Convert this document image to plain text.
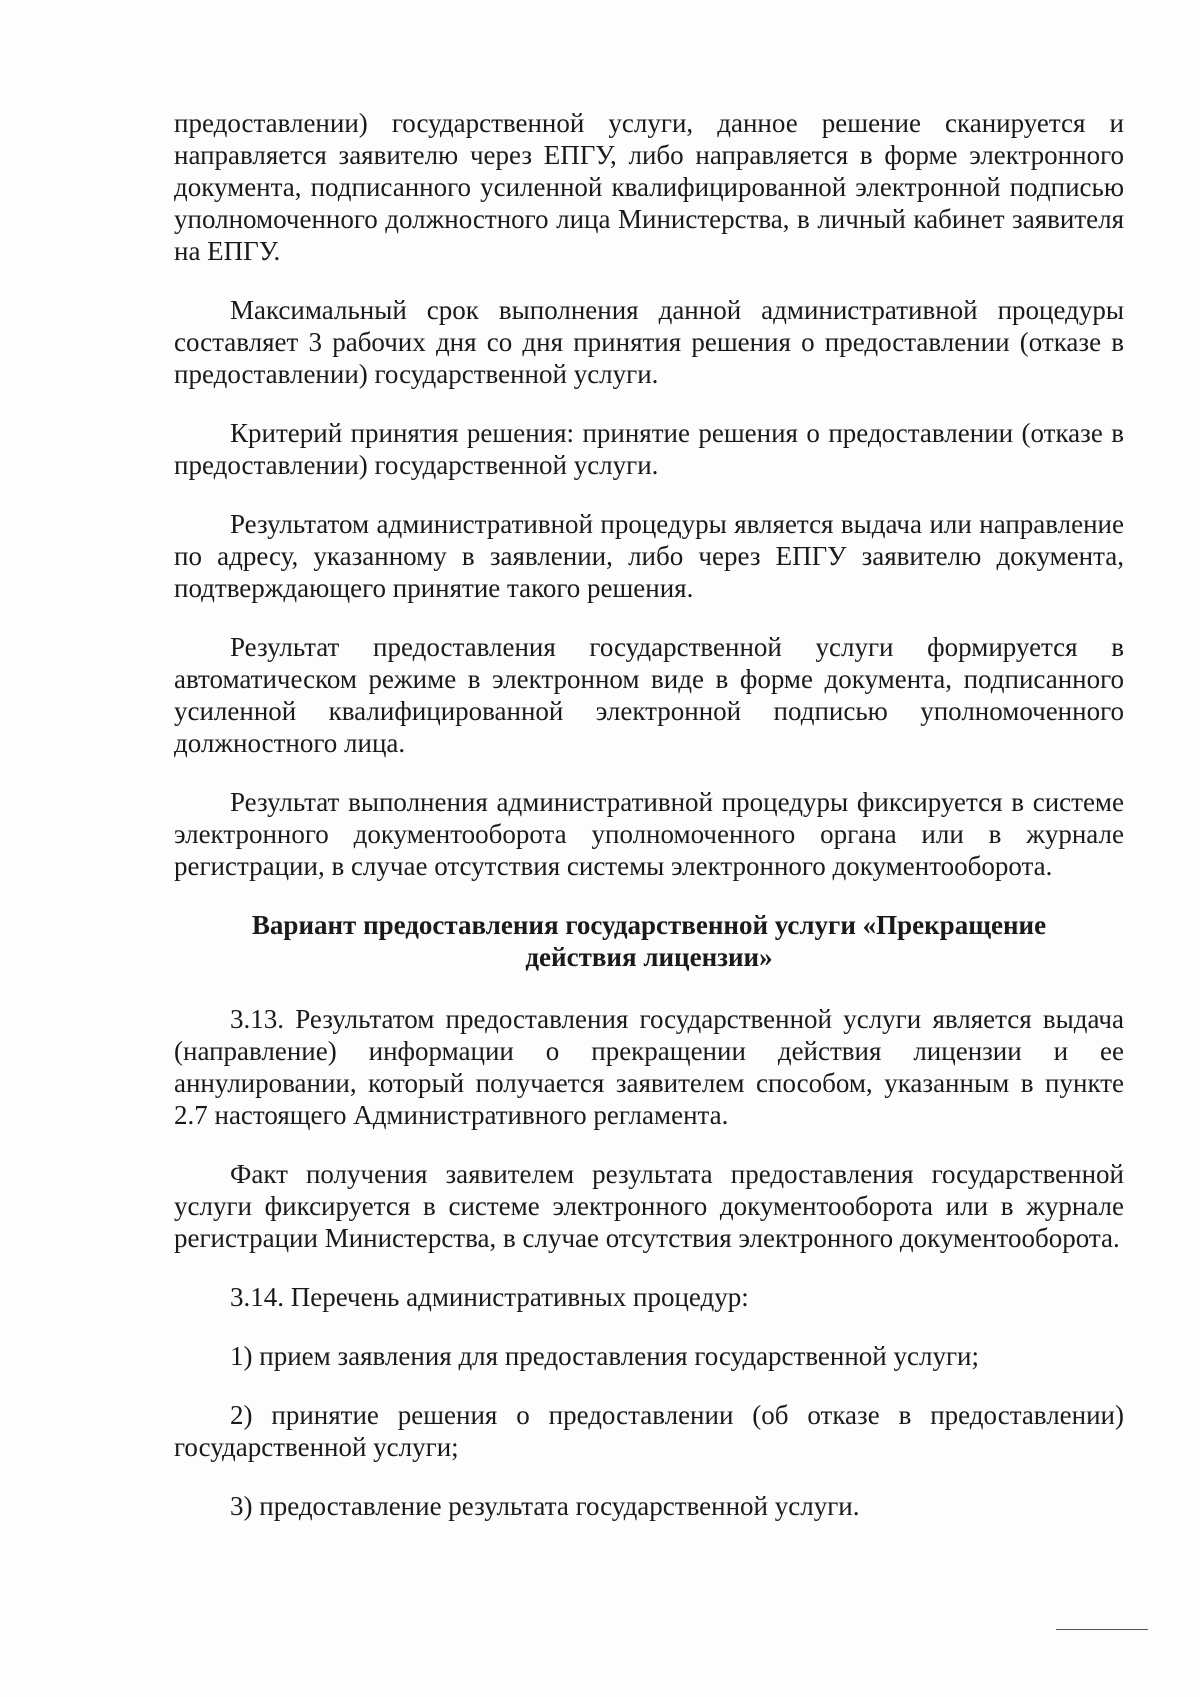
предоставлении) государственной услуги, данное решение сканируется и направляется заявителю через ЕПГУ, либо направляется в форме электронного документа, подписанного усиленной квалифицированной электронной подписью уполномоченного должностного лица Министерства, в личный кабинет заявителя на ЕПГУ.

Максимальный срок выполнения данной административной процедуры составляет 3 рабочих дня со дня принятия решения о предоставлении (отказе в предоставлении) государственной услуги.

Критерий принятия решения: принятие решения о предоставлении (отказе в предоставлении) государственной услуги.

Результатом административной процедуры является выдача или направление по адресу, указанному в заявлении, либо через ЕПГУ заявителю документа, подтверждающего принятие такого решения.

Результат предоставления государственной услуги формируется в автоматическом режиме в электронном виде в форме документа, подписанного усиленной квалифицированной электронной подписью уполномоченного должностного лица.

Результат выполнения административной процедуры фиксируется в системе электронного документооборота уполномоченного органа или в журнале регистрации, в случае отсутствия системы электронного документооборота.

Вариант предоставления государственной услуги «Прекращение
действия лицензии»

3.13. Результатом предоставления государственной услуги является выдача (направление) информации о прекращении действия лицензии и ее аннулировании, который получается заявителем способом, указанным в пункте 2.7 настоящего Административного регламента.

Факт получения заявителем результата предоставления государственной услуги фиксируется в системе электронного документооборота или в журнале регистрации Министерства, в случае отсутствия электронного документооборота.

3.14. Перечень административных процедур:

1) прием заявления для предоставления государственной услуги;

2) принятие решения о предоставлении (об отказе в предоставлении) государственной услуги;

3) предоставление результата государственной услуги.
